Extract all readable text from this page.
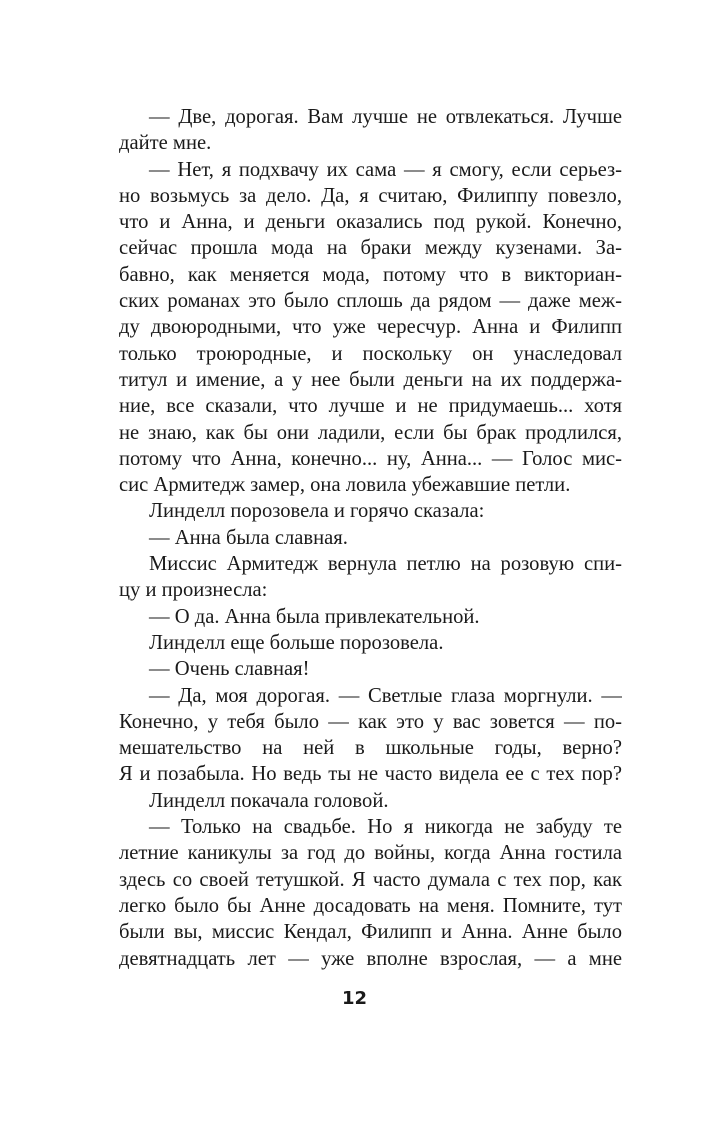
— Две, дорогая. Вам лучше не отвлекаться. Лучше
дайте мне.
— Нет, я подхвачу их сама — я смогу, если серьез-
но возьмусь за дело. Да, я считаю, Филиппу повезло,
что и Анна, и деньги оказались под рукой. Конечно,
сейчас прошла мода на браки между кузенами. За-
бавно, как меняется мода, потому что в викториан-
ских романах это было сплошь да рядом — даже меж-
ду двоюродными, что уже чересчур. Анна и Филипп
только троюродные, и поскольку он унаследовал
титул и имение, а у нее были деньги на их поддержа-
ние, все сказали, что лучше и не придумаешь... хотя
не знаю, как бы они ладили, если бы брак продлился,
потому что Анна, конечно... ну, Анна... — Голос мис-
сис Армитедж замер, она ловила убежавшие петли.
Линделл порозовела и горячо сказала:
— Анна была славная.
Миссис Армитедж вернула петлю на розовую спи-
цу и произнесла:
— О да. Анна была привлекательной.
Линделл еще больше порозовела.
— Очень славная!
— Да, моя дорогая. — Светлые глаза моргнули. —
Конечно, у тебя было — как это у вас зовется — по-
мешательство на ней в школьные годы, верно?
Я и позабыла. Но ведь ты не часто видела ее с тех пор?
Линделл покачала головой.
— Только на свадьбе. Но я никогда не забуду те
летние каникулы за год до войны, когда Анна гостила
здесь со своей тетушкой. Я часто думала с тех пор, как
легко было бы Анне досадовать на меня. Помните, тут
были вы, миссис Кендал, Филипп и Анна. Анне было
девятнадцать лет — уже вполне взрослая, — а мне
12
